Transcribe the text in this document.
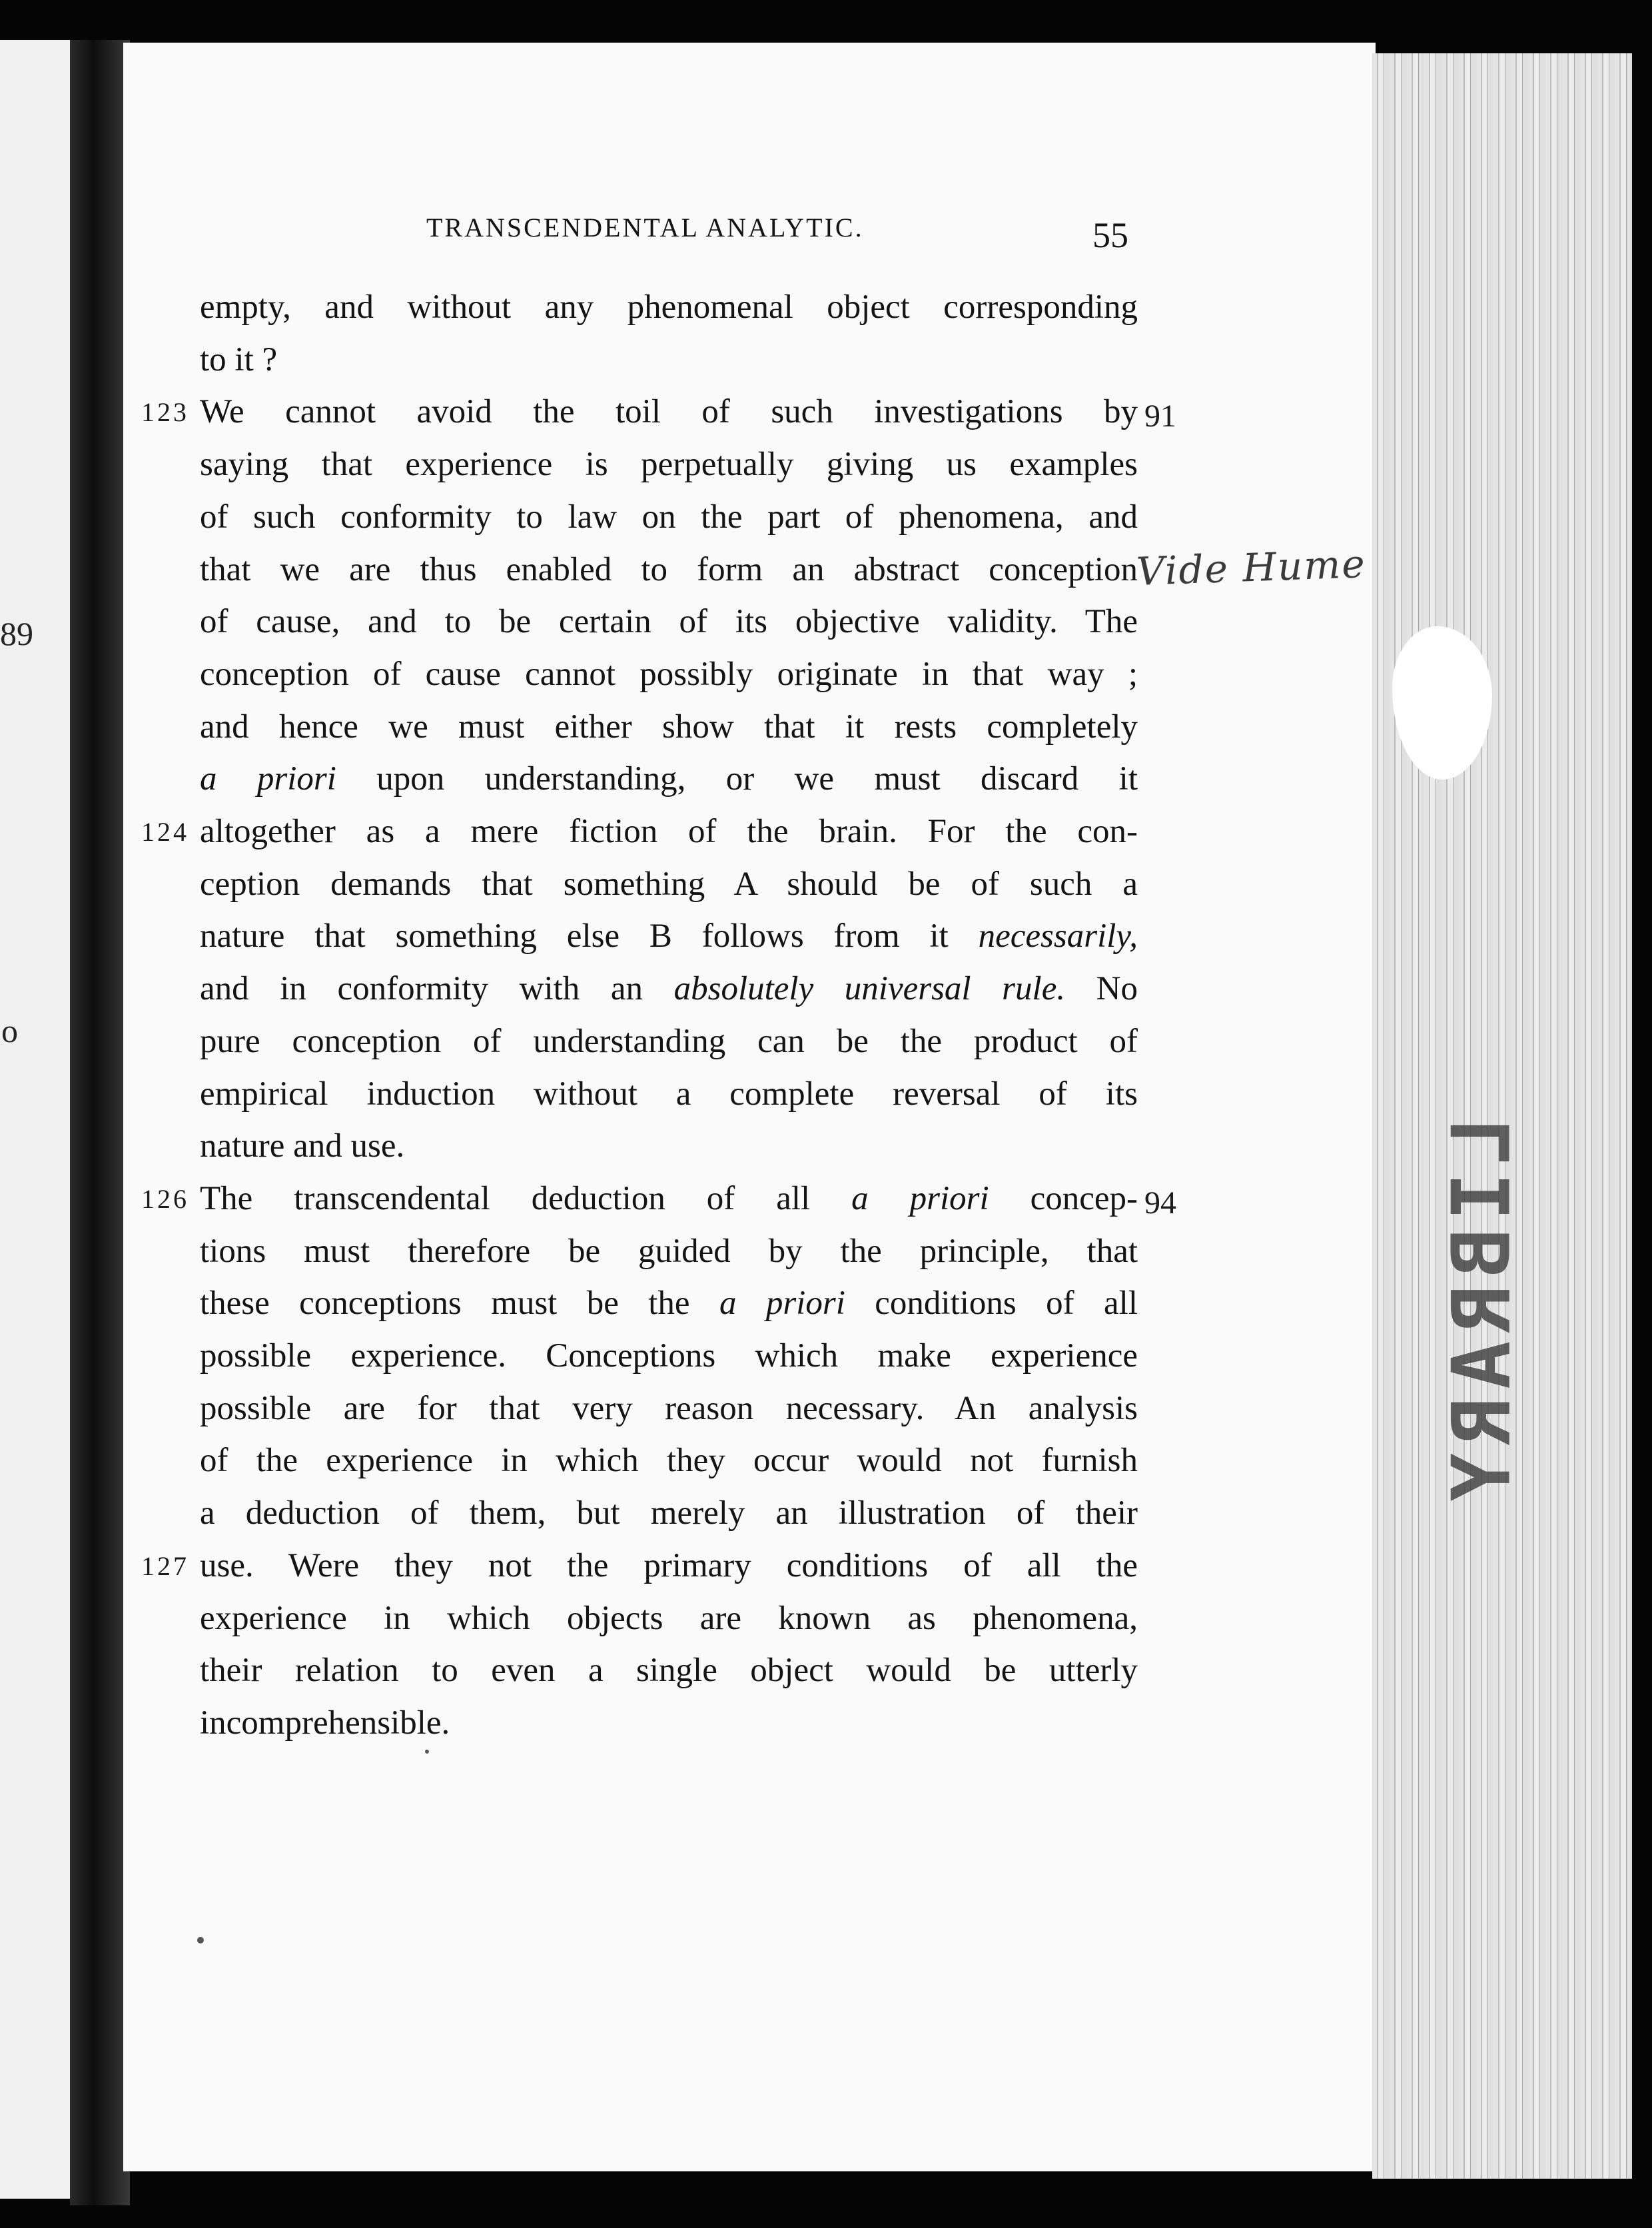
89
o
LIBRARY
TRANSCENDENTAL ANALYTIC.	55
empty, and without any phenomenal object corresponding
to it ?
We cannot avoid the toil of such investigations by
123	91
saying that experience is perpetually giving us examples
of such conformity to law on the part of phenomena, and
that we are thus enabled to form an abstract conception
of cause, and to be certain of its objective validity. The
conception of cause cannot possibly originate in that way ;
and hence we must either show that it rests completely
a priori upon understanding, or we must discard it
altogether as a mere fiction of the brain. For the con-
124
ception demands that something A should be of such a
nature that something else B follows from it necessarily,
and in conformity with an absolutely universal rule. No
pure conception of understanding can be the product of
empirical induction without a complete reversal of its
nature and use.
The transcendental deduction of all a priori concep-
126	94
tions must therefore be guided by the principle, that
these conceptions must be the a priori conditions of all
possible experience. Conceptions which make experience
possible are for that very reason necessary. An analysis
of the experience in which they occur would not furnish
a deduction of them, but merely an illustration of their
use. Were they not the primary conditions of all the
127
experience in which objects are known as phenomena,
their relation to even a single object would be utterly
incomprehensible.
Vide Hume
